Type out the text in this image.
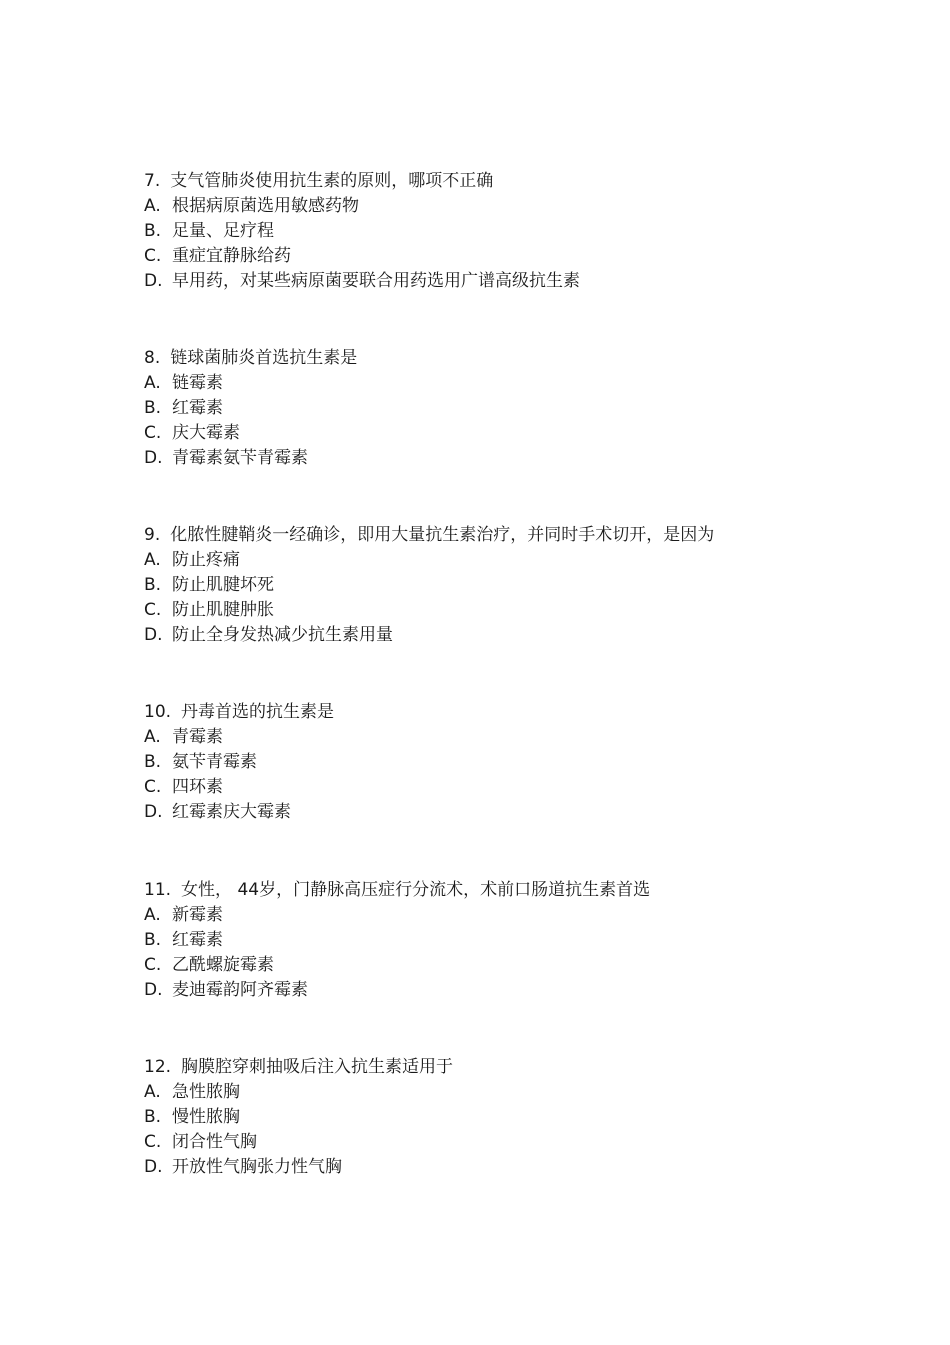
7. 支气管肺炎使用抗生素的原则，哪项不正确
A. 根据病原菌选用敏感药物
B. 足量、足疗程
C. 重症宜静脉给药
D. 早用药，对某些病原菌要联合用药选用广谱高级抗生素
8. 链球菌肺炎首选抗生素是
A. 链霉素
B. 红霉素
C. 庆大霉素
D. 青霉素氨苄青霉素
9. 化脓性腱鞘炎一经确诊，即用大量抗生素治疗，并同时手术切开，是因为
A. 防止疼痛
B. 防止肌腱坏死
C. 防止肌腱肿胀
D. 防止全身发热减少抗生素用量
10. 丹毒首选的抗生素是
A. 青霉素
B. 氨苄青霉素
C. 四环素
D. 红霉素庆大霉素
11. 女性， 44岁，门静脉高压症行分流术，术前口肠道抗生素首选
A. 新霉素
B. 红霉素
C. 乙酰螺旋霉素
D. 麦迪霉韵阿齐霉素
12. 胸膜腔穿刺抽吸后注入抗生素适用于
A. 急性脓胸
B. 慢性脓胸
C. 闭合性气胸
D. 开放性气胸张力性气胸
